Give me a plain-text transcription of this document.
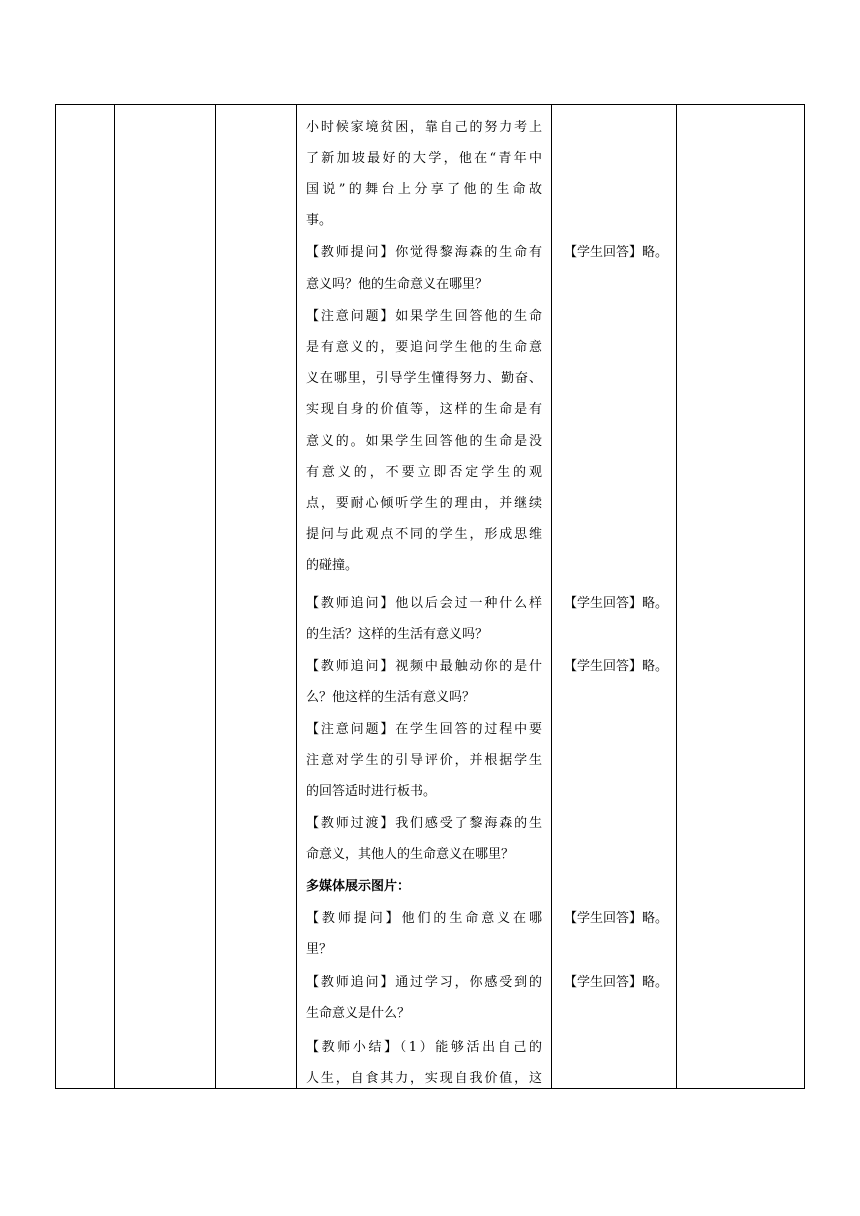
小时候家境贫困，靠自己的努力考上
了新加坡最好的大学，他在“青年中
国说”的舞台上分享了他的生命故
事。
【教师提问】你觉得黎海森的生命有
意义吗？他的生命意义在哪里？
【注意问题】如果学生回答他的生命
是有意义的，要追问学生他的生命意
义在哪里，引导学生懂得努力、勤奋、
实现自身的价值等，这样的生命是有
意义的。如果学生回答他的生命是没
有意义的，不要立即否定学生的观
点，要耐心倾听学生的理由，并继续
提问与此观点不同的学生，形成思维
的碰撞。
【教师追问】他以后会过一种什么样
的生活？这样的生活有意义吗？
【教师追问】视频中最触动你的是什
么？他这样的生活有意义吗？
【注意问题】在学生回答的过程中要
注意对学生的引导评价，并根据学生
的回答适时进行板书。
【教师过渡】我们感受了黎海森的生
命意义，其他人的生命意义在哪里？
多媒体展示图片：
【教师提问】他们的生命意义在哪
里？
【教师追问】通过学习，你感受到的
生命意义是什么？
【教师小结】（1）能够活出自己的
人生，自食其力，实现自我价值，这
【学生回答】略。
【学生回答】略。
【学生回答】略。
【学生回答】略。
【学生回答】略。
